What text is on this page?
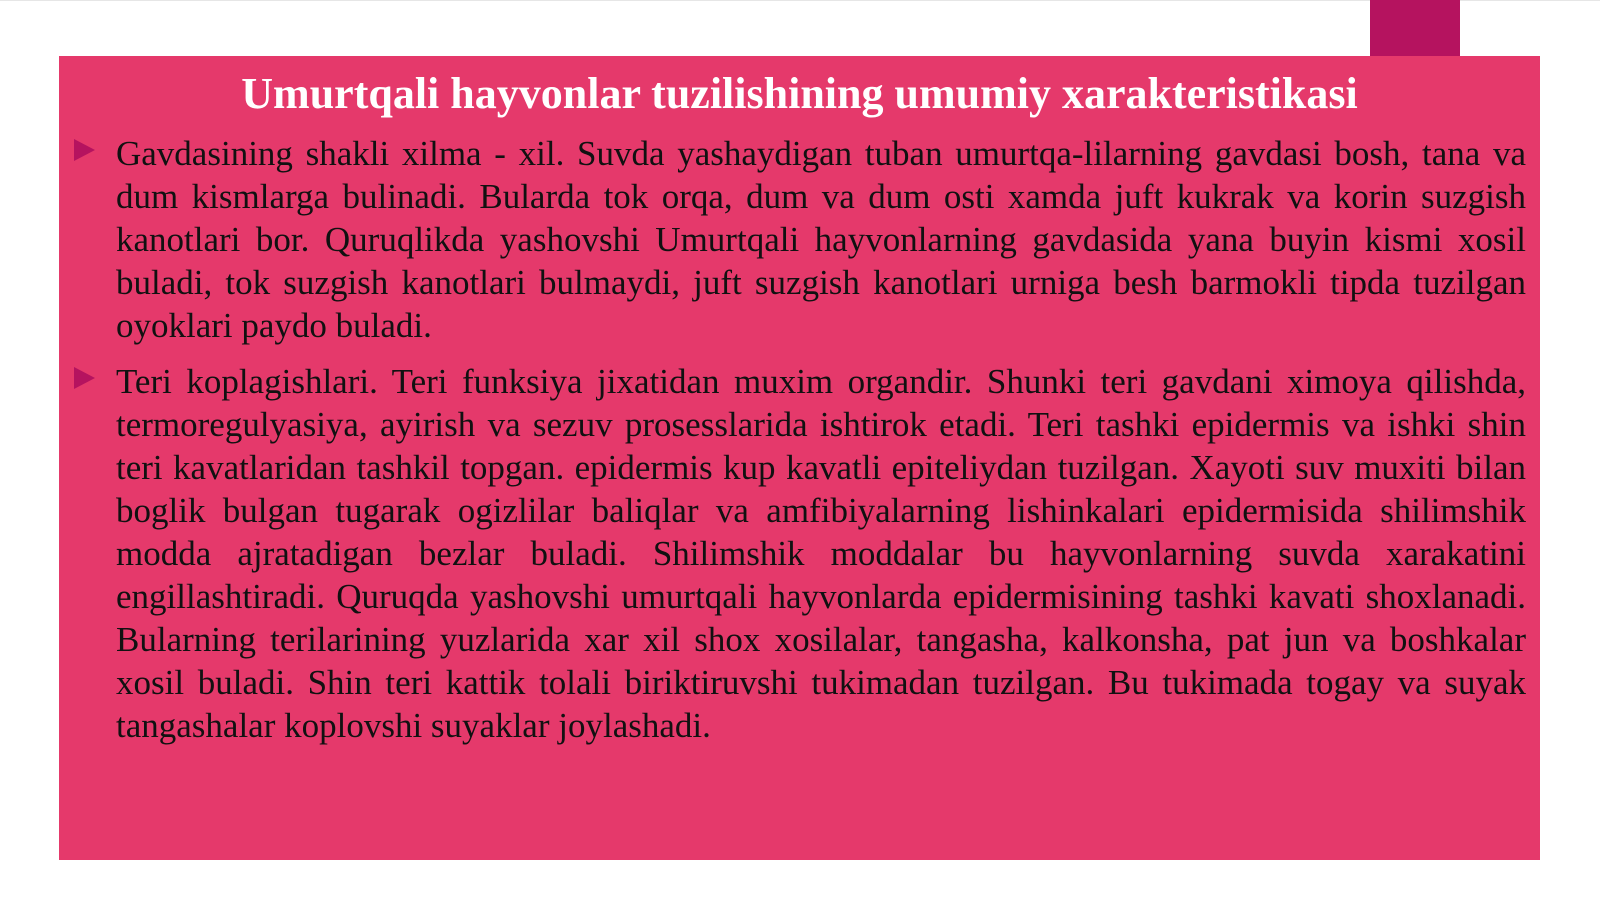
Umurtqali hayvonlar tuzilishining umumiy xarakteristikasi

Gavdasining shakli xilma - xil. Suvda yashaydigan tuban umurtqa-lilarning gavdasi bosh, tana va dum kismlarga bulinadi. Bularda tok orqa, dum va dum osti xamda juft kukrak va korin suzgish kanotlari bor. Quruqlikda yashovshi Umurtqali hayvonlarning gavdasida yana buyin kismi xosil buladi, tok suzgish kanotlari bulmaydi, juft suzgish kanotlari urniga besh barmokli tipda tuzilgan oyoklari paydo buladi.

Teri koplagishlari. Teri funksiya jixatidan muxim organdir. Shunki teri gavdani ximoya qilishda, termoregulyasiya, ayirish va sezuv prosesslarida ishtirok etadi. Teri tashki epidermis va ishki shin teri kavatlaridan tashkil topgan. epidermis kup kavatli epiteliydan tuzilgan. Xayoti suv muxiti bilan boglik bulgan tugarak ogizlilar baliqlar va amfibiyalarning lishinkalari epidermisida shilimshik modda ajratadigan bezlar buladi. Shilimshik moddalar bu hayvonlarning suvda xarakatini engillashtiradi. Quruqda yashovshi umurtqali hayvonlarda epidermisining tashki kavati shoxlanadi. Bularning terilarining yuzlarida xar xil shox xosilalar, tangasha, kalkonsha, pat jun va boshkalar xosil buladi. Shin teri kattik tolali biriktiruvshi tukimadan tuzilgan. Bu tukimada togay va suyak tangashalar koplovshi suyaklar joylashadi.
